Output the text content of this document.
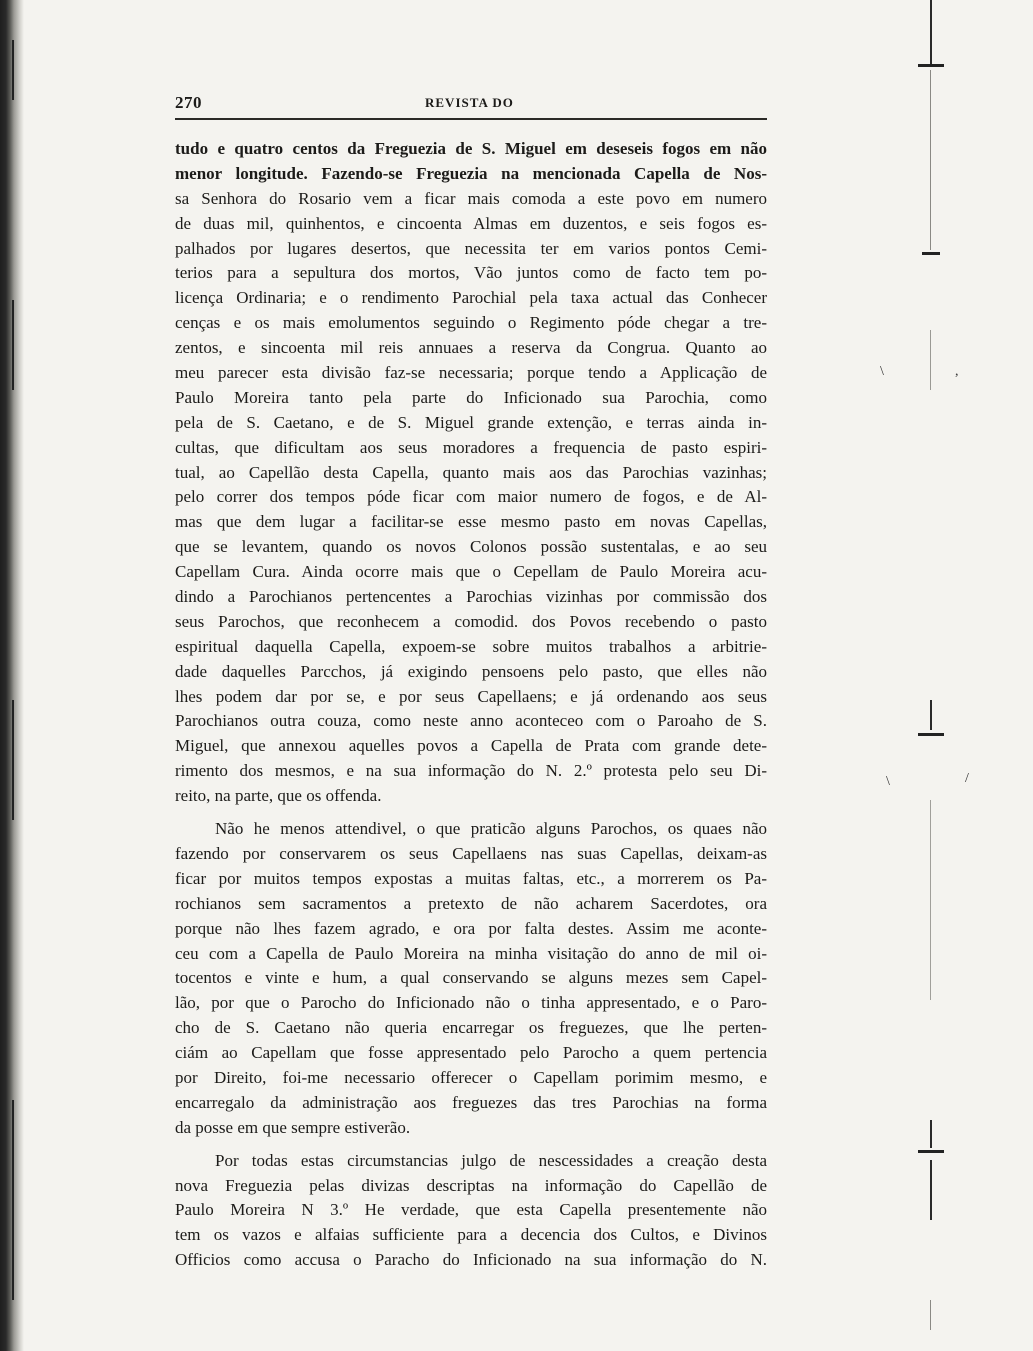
\	,
\	/
270	REVISTA DO
tudo e quatro centos da Freguezia de S. Miguel em deseseis fogos em não
menor longitude. Fazendo-se Freguezia na mencionada Capella de Nos-
sa Senhora do Rosario vem a ficar mais comoda a este povo em numero
de duas mil, quinhentos, e cincoenta Almas em duzentos, e seis fogos es-
palhados por lugares desertos, que necessita ter em varios pontos Cemi-
terios para a sepultura dos mortos, Vão juntos como de facto tem po-
licença Ordinaria; e o rendimento Parochial pela taxa actual das Conhecer
cenças e os mais emolumentos seguindo o Regimento póde chegar a tre-
zentos, e sincoenta mil reis annuaes a reserva da Congrua. Quanto ao
meu parecer esta divisão faz-se necessaria; porque tendo a Applicação de
Paulo Moreira tanto pela parte do Inficionado sua Parochia, como
pela de S. Caetano, e de S. Miguel grande extenção, e terras ainda in-
cultas, que dificultam aos seus moradores a frequencia de pasto espiri-
tual, ao Capellão desta Capella, quanto mais aos das Parochias vazinhas;
pelo correr dos tempos póde ficar com maior numero de fogos, e de Al-
mas que dem lugar a facilitar-se esse mesmo pasto em novas Capellas,
que se levantem, quando os novos Colonos possão sustentalas, e ao seu
Capellam Cura. Ainda ocorre mais que o Cepellam de Paulo Moreira acu-
dindo a Parochianos pertencentes a Parochias vizinhas por commissão dos
seus Parochos, que reconhecem a comodid. dos Povos recebendo o pasto
espiritual daquella Capella, expoem-se sobre muitos trabalhos a arbitrie-
dade daquelles Parcchos, já exigindo pensoens pelo pasto, que elles não
lhes podem dar por se, e por seus Capellaens; e já ordenando aos seus
Parochianos outra couza, como neste anno aconteceo com o Paroaho de S.
Miguel, que annexou aquelles povos a Capella de Prata com grande dete-
rimento dos mesmos, e na sua informação do N. 2.º protesta pelo seu Di-
reito, na parte, que os offenda.
Não he menos attendivel, o que praticão alguns Parochos, os quaes não
fazendo por conservarem os seus Capellaens nas suas Capellas, deixam-as
ficar por muitos tempos expostas a muitas faltas, etc., a morrerem os Pa-
rochianos sem sacramentos a pretexto de não acharem Sacerdotes, ora
porque não lhes fazem agrado, e ora por falta destes. Assim me aconte-
ceu com a Capella de Paulo Moreira na minha visitação do anno de mil oi-
tocentos e vinte e hum, a qual conservando se alguns mezes sem Capel-
lão, por que o Parocho do Inficionado não o tinha appresentado, e o Paro-
cho de S. Caetano não queria encarregar os freguezes, que lhe perten-
ciám ao Capellam que fosse appresentado pelo Parocho a quem pertencia
por Direito, foi-me necessario offerecer o Capellam porimim mesmo, e
encarregalo da administração aos freguezes das tres Parochias na forma
da posse em que sempre estiverão.
Por todas estas circumstancias julgo de nescessidades a creação desta
nova Freguezia pelas divizas descriptas na informação do Capellão de
Paulo Moreira N 3.º He verdade, que esta Capella presentemente não
tem os vazos e alfaias sufficiente para a decencia dos Cultos, e Divinos
Officios como accusa o Paracho do Inficionado na sua informação do N.
